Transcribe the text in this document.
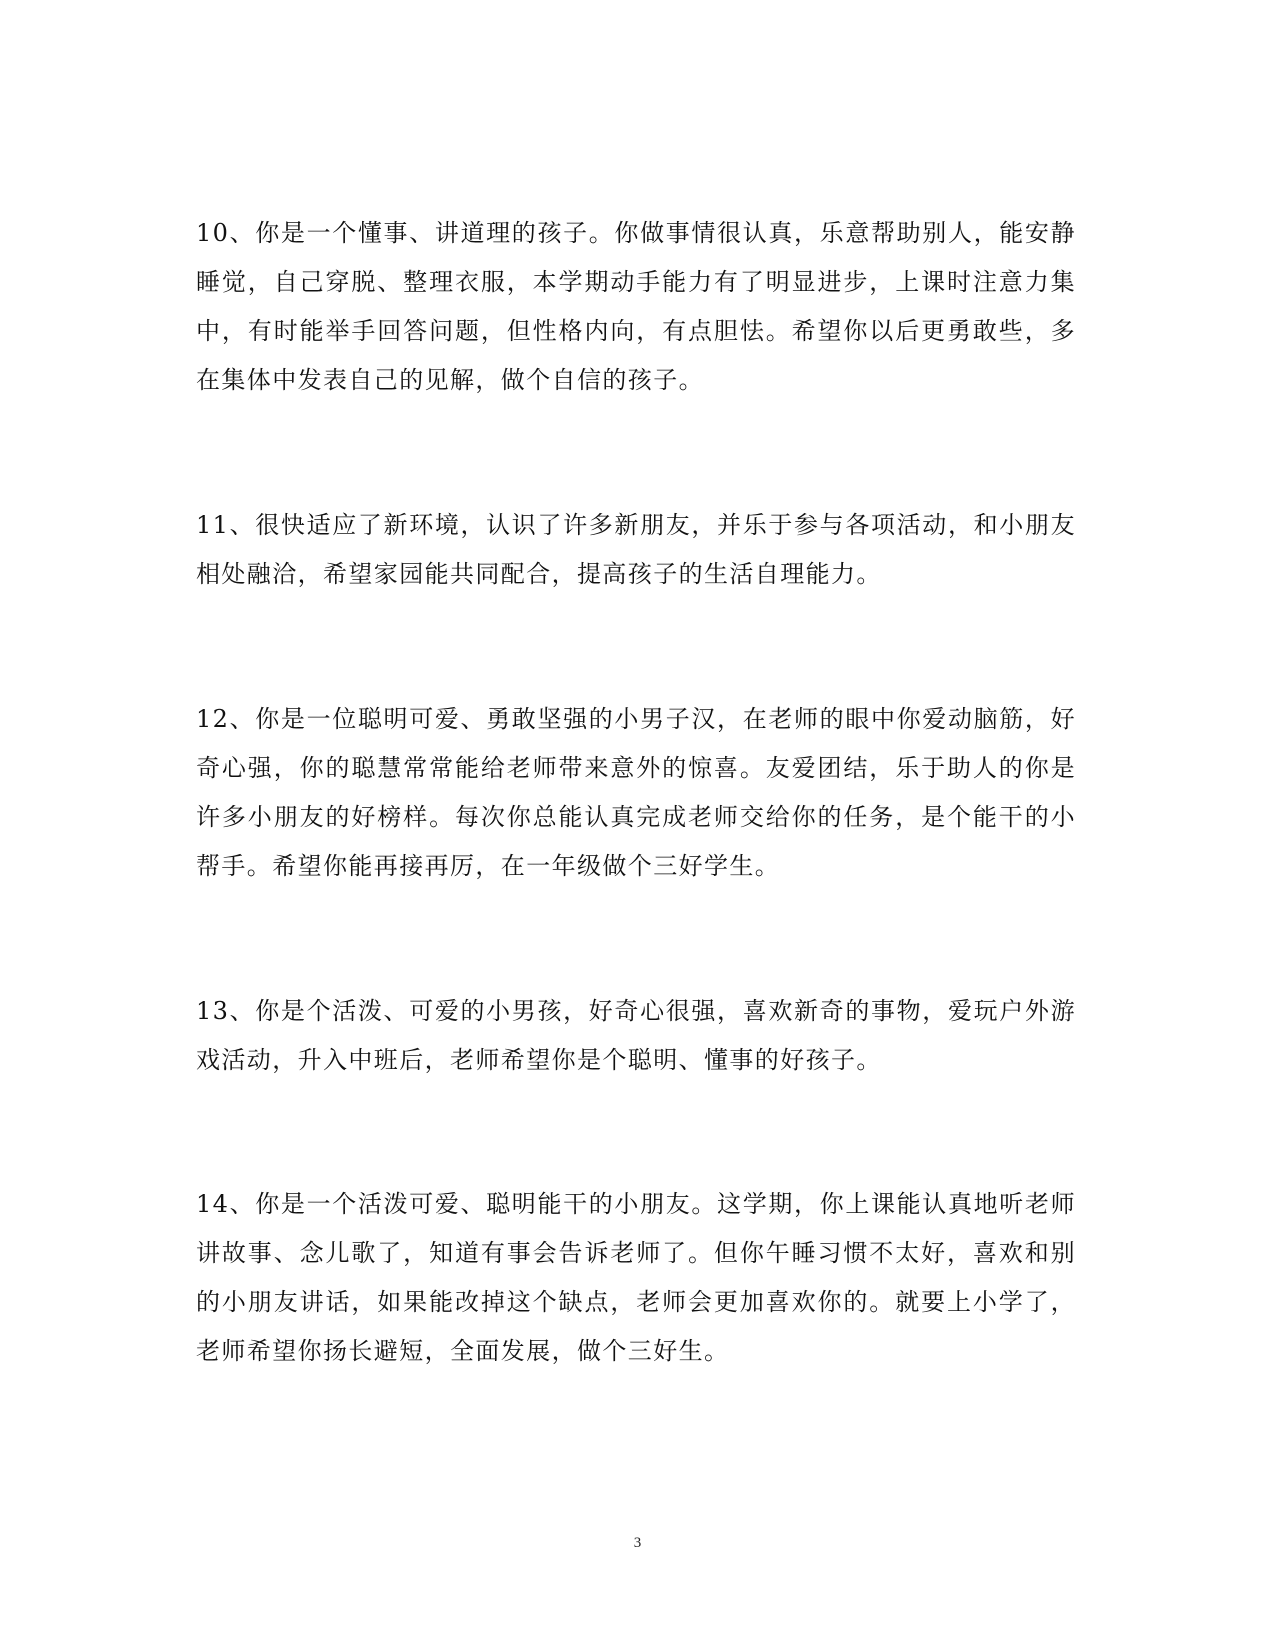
10、你是一个懂事、讲道理的孩子。你做事情很认真，乐意帮助别人，能安静睡觉，自己穿脱、整理衣服，本学期动手能力有了明显进步，上课时注意力集中，有时能举手回答问题，但性格内向，有点胆怯。希望你以后更勇敢些，多在集体中发表自己的见解，做个自信的孩子。

11、很快适应了新环境，认识了许多新朋友，并乐于参与各项活动，和小朋友相处融洽，希望家园能共同配合，提高孩子的生活自理能力。

12、你是一位聪明可爱、勇敢坚强的小男子汉，在老师的眼中你爱动脑筋，好奇心强，你的聪慧常常能给老师带来意外的惊喜。友爱团结，乐于助人的你是许多小朋友的好榜样。每次你总能认真完成老师交给你的任务，是个能干的小帮手。希望你能再接再厉，在一年级做个三好学生。

13、你是个活泼、可爱的小男孩，好奇心很强，喜欢新奇的事物，爱玩户外游戏活动，升入中班后，老师希望你是个聪明、懂事的好孩子。

14、你是一个活泼可爱、聪明能干的小朋友。这学期，你上课能认真地听老师讲故事、念儿歌了，知道有事会告诉老师了。但你午睡习惯不太好，喜欢和别的小朋友讲话，如果能改掉这个缺点，老师会更加喜欢你的。就要上小学了，老师希望你扬长避短，全面发展，做个三好生。

3
